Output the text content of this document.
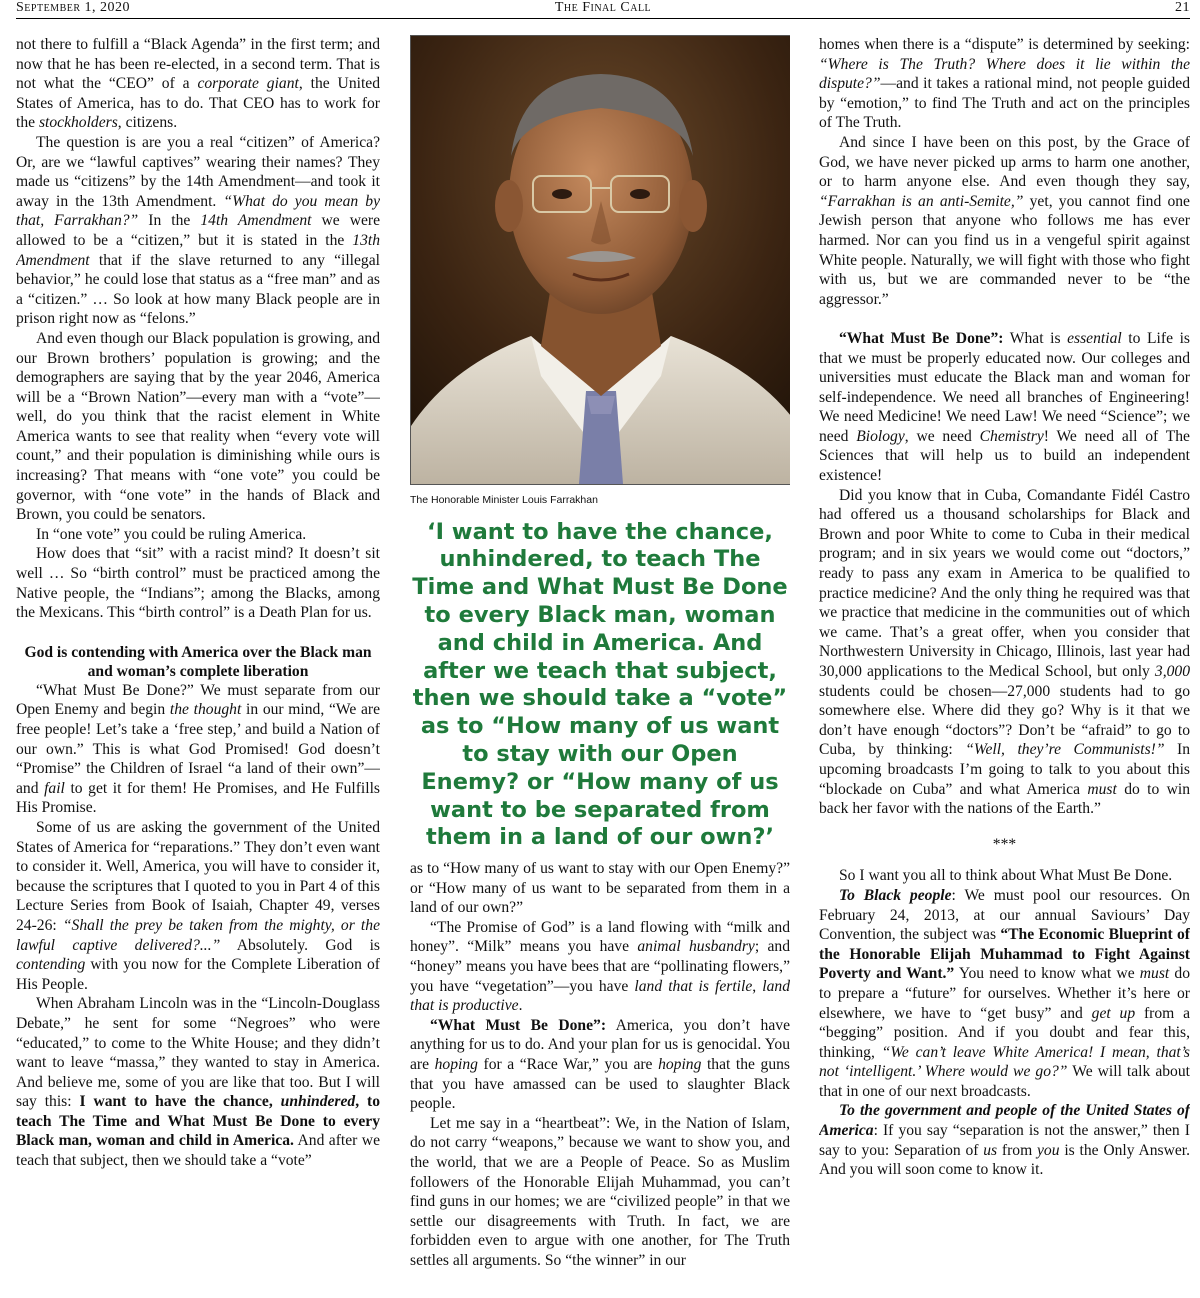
September 1, 2020	The Final Call	21

not there to fulfill a “Black Agenda” in the first term; and now that he has been re-elected, in a second term. That is not what the “CEO” of a corporate giant, the United States of America, has to do. That CEO has to work for the stockholders, citizens.

The question is are you a real “citizen” of America? Or, are we “lawful captives” wearing their names? They made us “citizens” by the 14th Amendment—and took it away in the 13th Amendment. “What do you mean by that, Farrakhan?” In the 14th Amendment we were allowed to be a “citizen,” but it is stated in the 13th Amendment that if the slave returned to any “illegal behavior,” he could lose that status as a “free man” and as a “citizen.” … So look at how many Black people are in prison right now as “felons.”

And even though our Black population is growing, and our Brown brothers’ population is growing; and the demographers are saying that by the year 2046, America will be a “Brown Nation”—every man with a “vote”—well, do you think that the racist element in White America wants to see that reality when “every vote will count,” and their population is diminishing while ours is increasing? That means with “one vote” you could be governor, with “one vote” in the hands of Black and Brown, you could be senators.

In “one vote” you could be ruling America.

How does that “sit” with a racist mind? It doesn’t sit well … So “birth control” must be practiced among the Native people, the “Indians”; among the Blacks, among the Mexicans. This “birth control” is a Death Plan for us.

God is contending with America over the Black man and woman’s complete liberation

“What Must Be Done?” We must separate from our Open Enemy and begin the thought in our mind, “We are free people! Let’s take a ‘free step,’ and build a Nation of our own.” This is what God Promised! God doesn’t “Promise” the Children of Israel “a land of their own”—and fail to get it for them! He Promises, and He Fulfills His Promise.

Some of us are asking the government of the United States of America for “reparations.” They don’t even want to consider it. Well, America, you will have to consider it, because the scriptures that I quoted to you in Part 4 of this Lecture Series from Book of Isaiah, Chapter 49, verses 24-26: “Shall the prey be taken from the mighty, or the lawful captive delivered?...” Absolutely. God is contending with you now for the Complete Liberation of His People.

When Abraham Lincoln was in the “Lincoln-Douglass Debate,” he sent for some “Negroes” who were “educated,” to come to the White House; and they didn’t want to leave “massa,” they wanted to stay in America. And believe me, some of you are like that too. But I will say this: I want to have the chance, unhindered, to teach The Time and What Must Be Done to every Black man, woman and child in America. And after we teach that subject, then we should take a “vote”

The Honorable Minister Louis Farrakhan
‘I want to have the chance, unhindered, to teach The Time and What Must Be Done to every Black man, woman and child in America. And after we teach that subject, then we should take a “vote” as to “How many of us want to stay with our Open Enemy? or “How many of us want to be separated from them in a land of our own?’

as to “How many of us want to stay with our Open Enemy?” or “How many of us want to be separated from them in a land of our own?”

“The Promise of God” is a land flowing with “milk and honey”. “Milk” means you have animal husbandry; and “honey” means you have bees that are “pollinating flowers,” you have “vegetation”—you have land that is fertile, land that is productive.

“What Must Be Done”: America, you don’t have anything for us to do. And your plan for us is genocidal. You are hoping for a “Race War,” you are hoping that the guns that you have amassed can be used to slaughter Black people.

Let me say in a “heartbeat”: We, in the Nation of Islam, do not carry “weapons,” because we want to show you, and the world, that we are a People of Peace. So as Muslim followers of the Honorable Elijah Muhammad, you can’t find guns in our homes; we are “civilized people” in that we settle our disagreements with Truth. In fact, we are forbidden even to argue with one another, for The Truth settles all arguments. So “the winner” in our

homes when there is a “dispute” is determined by seeking: “Where is The Truth? Where does it lie within the dispute?”—and it takes a rational mind, not people guided by “emotion,” to find The Truth and act on the principles of The Truth.

And since I have been on this post, by the Grace of God, we have never picked up arms to harm one another, or to harm anyone else. And even though they say, “Farrakhan is an anti-Semite,” yet, you cannot find one Jewish person that anyone who follows me has ever harmed. Nor can you find us in a vengeful spirit against White people. Naturally, we will fight with those who fight with us, but we are commanded never to be “the aggressor.”

“What Must Be Done”: What is essential to Life is that we must be properly educated now. Our colleges and universities must educate the Black man and woman for self-independence. We need all branches of Engineering! We need Medicine! We need Law! We need “Science”; we need Biology, we need Chemistry! We need all of The Sciences that will help us to build an independent existence!

Did you know that in Cuba, Comandante Fidél Castro had offered us a thousand scholarships for Black and Brown and poor White to come to Cuba in their medical program; and in six years we would come out “doctors,” ready to pass any exam in America to be qualified to practice medicine? And the only thing he required was that we practice that medicine in the communities out of which we came. That’s a great offer, when you consider that Northwestern University in Chicago, Illinois, last year had 30,000 applications to the Medical School, but only 3,000 students could be chosen—27,000 students had to go somewhere else. Where did they go? Why is it that we don’t have enough “doctors”? Don’t be “afraid” to go to Cuba, by thinking: “Well, they’re Communists!” In upcoming broadcasts I’m going to talk to you about this “blockade on Cuba” and what America must do to win back her favor with the nations of the Earth.”

***

So I want you all to think about What Must Be Done.

To Black people: We must pool our resources. On February 24, 2013, at our annual Saviours’ Day Convention, the subject was “The Economic Blueprint of the Honorable Elijah Muhammad to Fight Against Poverty and Want.” You need to know what we must do to prepare a “future” for ourselves. Whether it’s here or elsewhere, we have to “get busy” and get up from a “begging” position. And if you doubt and fear this, thinking, “We can’t leave White America! I mean, that’s not ‘intelligent.’ Where would we go?” We will talk about that in one of our next broadcasts.

To the government and people of the United States of America: If you say “separation is not the answer,” then I say to you: Separation of us from you is the Only Answer. And you will soon come to know it.
